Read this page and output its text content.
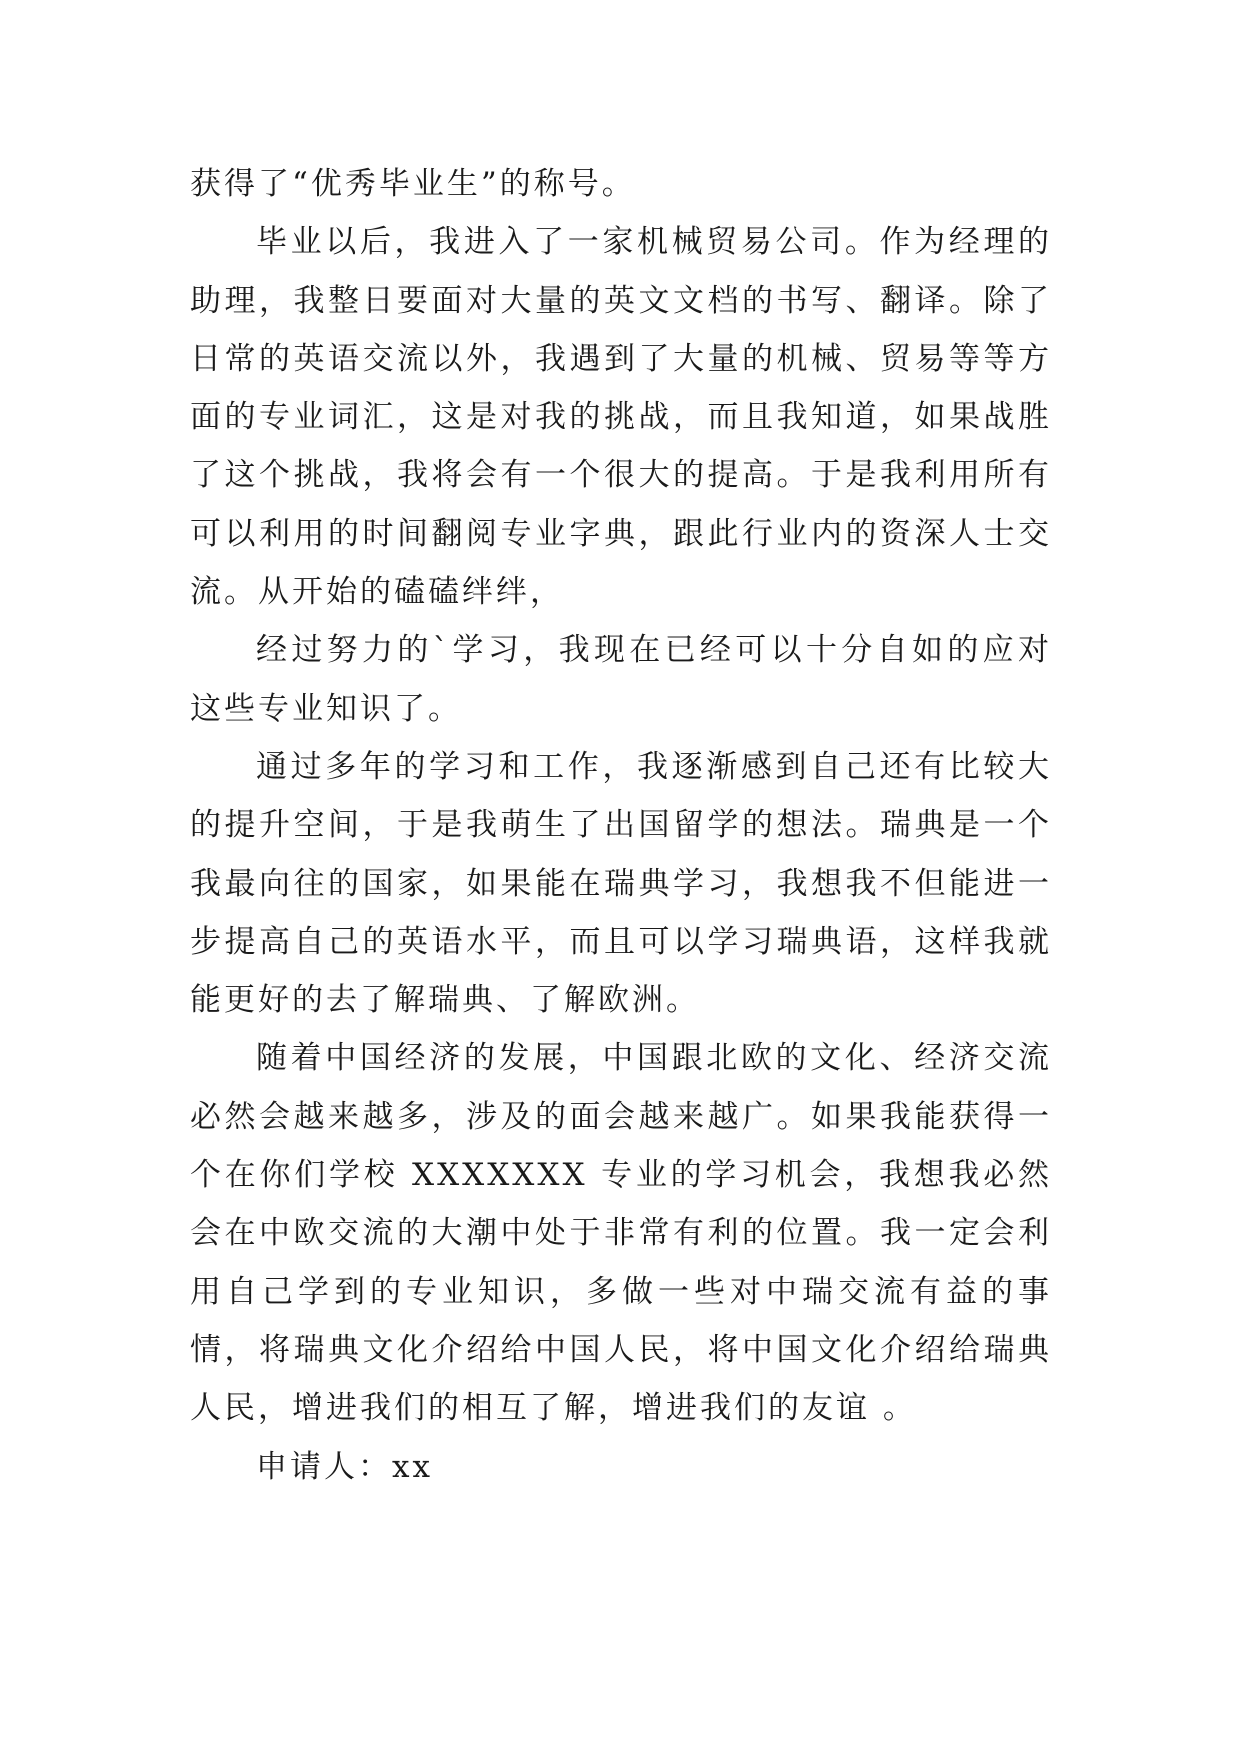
获得了“优秀毕业生”的称号。

毕业以后，我进入了一家机械贸易公司。作为经理的助理，我整日要面对大量的英文文档的书写、翻译。除了日常的英语交流以外，我遇到了大量的机械、贸易等等方面的专业词汇，这是对我的挑战，而且我知道，如果战胜了这个挑战，我将会有一个很大的提高。于是我利用所有可以利用的时间翻阅专业字典，跟此行业内的资深人士交流。从开始的磕磕绊绊，

经过努力的`学习，我现在已经可以十分自如的应对这些专业知识了。

通过多年的学习和工作，我逐渐感到自己还有比较大的提升空间，于是我萌生了出国留学的想法。瑞典是一个我最向往的国家，如果能在瑞典学习，我想我不但能进一步提高自己的英语水平，而且可以学习瑞典语，这样我就能更好的去了解瑞典、了解欧洲。

随着中国经济的发展，中国跟北欧的文化、经济交流必然会越来越多，涉及的面会越来越广。如果我能获得一个在你们学校 XXXXXXX 专业的学习机会，我想我必然会在中欧交流的大潮中处于非常有利的位置。我一定会利用自己学到的专业知识，多做一些对中瑞交流有益的事情，将瑞典文化介绍给中国人民，将中国文化介绍给瑞典人民，增进我们的相互了解，增进我们的友谊 。

申请人：xx
